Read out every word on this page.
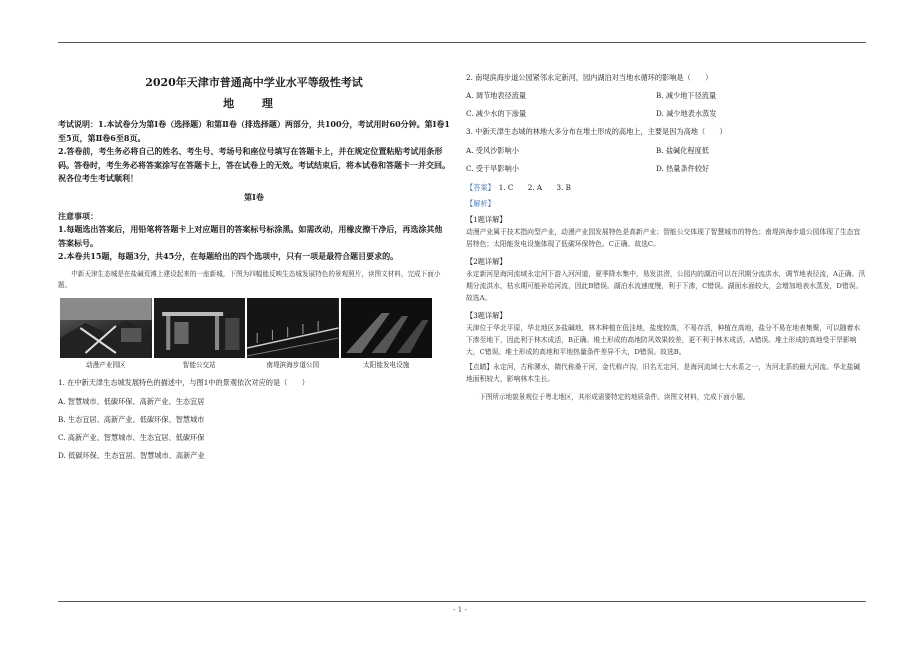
2020年天津市普通高中学业水平等级性考试
地 理

考试说明：1.本试卷分为第Ⅰ卷（选择题）和第Ⅱ卷（排选择题）两部分，共100分，考试用时60分钟。第Ⅰ卷1至5页，第Ⅱ卷6至8页。

2.答卷前，考生务必将自己的姓名、考生号、考场号和座位号填写在答题卡上，并在规定位置粘贴考试用条形码。答卷时，考生务必将答案涂写在答题卡上，答在试卷上的无效。考试结束后，将本试卷和答题卡一并交回。

祝各位考生考试顺利！

第Ⅰ卷

注意事项：

1.每题选出答案后，用铅笔将答题卡上对应题目的答案标号标涂黑。如需改动，用橡皮擦干净后，再选涂其他答案标号。

2.本卷共15题，每题3分，共45分，在每题给出的四个选项中，只有一项是最符合题目要求的。

中新天津生态城是在盐碱荒滩上建设起来的一座新城，下图为四幅能反映生态城发展特色的景观照片，读图文材料，完成下面小题。

动漫产业园区	智能公交站	南堤滨海步道公园	太阳能发电设施

1. 在中新天津生态城发展特色的描述中，与图1中的景观依次对应的是（　　）

A. 智慧城市、低碳环保、高新产业、生态宜居

B. 生态宜居、高新产业、低碳环保、智慧城市

C. 高新产业、智慧城市、生态宜居、低碳环保

D. 低碳环保、生态宜居、智慧城市、高新产业

2. 南堤滨海步道公园紧邻永定新河，园内湖泊对当地水循环的影响是（　　）

A. 调节地表径流量	B. 减少地下径流量
C. 减少水的下渗量	D. 减少地表水蒸发

3. 中新天津生态城的林地大多分布在堆土形成的高地上，主要是因为高地（　　）

A. 受风沙影响小	B. 盐碱化程度低
C. 受干旱影响小	D. 热量条件较好
【答案】 1. C　　2. A　　3. B
【解析】
【1题详解】

动漫产业属于技术指向型产业，动漫产业园发展特色是高新产业；智能公交体现了智慧城市的特色；南堤滨海步道公园体现了生态宜居特色；太阳能发电设施体现了低碳环保特色。C正确。故选C。

【2题详解】

永定新河是海河流域永定河下游入河河道，夏季降水集中，易发洪涝，公园内的湖泊可以在汛期分流洪水，调节地表径流，A正确。汛期分流洪水，枯水期可能补给河流，因此B错误。湖泊水流速度慢，利于下渗，C错误。湖面水面较大，会增加地表水蒸发，D错误。故选A。

【3题详解】

天津位于华北平原，华北地区多盐碱地，林木种植在低洼地，盐度较高，不易存活，种植在高地，盐分不易在地表集聚，可以随着水下渗至地下，因此利于林木成活，B正确。堆土形成的高地防风效果较差，更不利于林木成活，A错误。堆土形成的高地受干旱影响大，C错误。堆土形成的高地和平地热量条件差异不大，D错误。故选B。

【点睛】永定河，古称漯水，隋代称桑干河，金代称卢沟，旧名无定河，是海河流域七大水系之一，为河北系的最大河流。华北盐碱地面积较大，影响林木生长。

下图所示地貌景观位于粤北地区，其形成需要特定的地质条件。读图文材料，完成下面小题。

- 1 -
